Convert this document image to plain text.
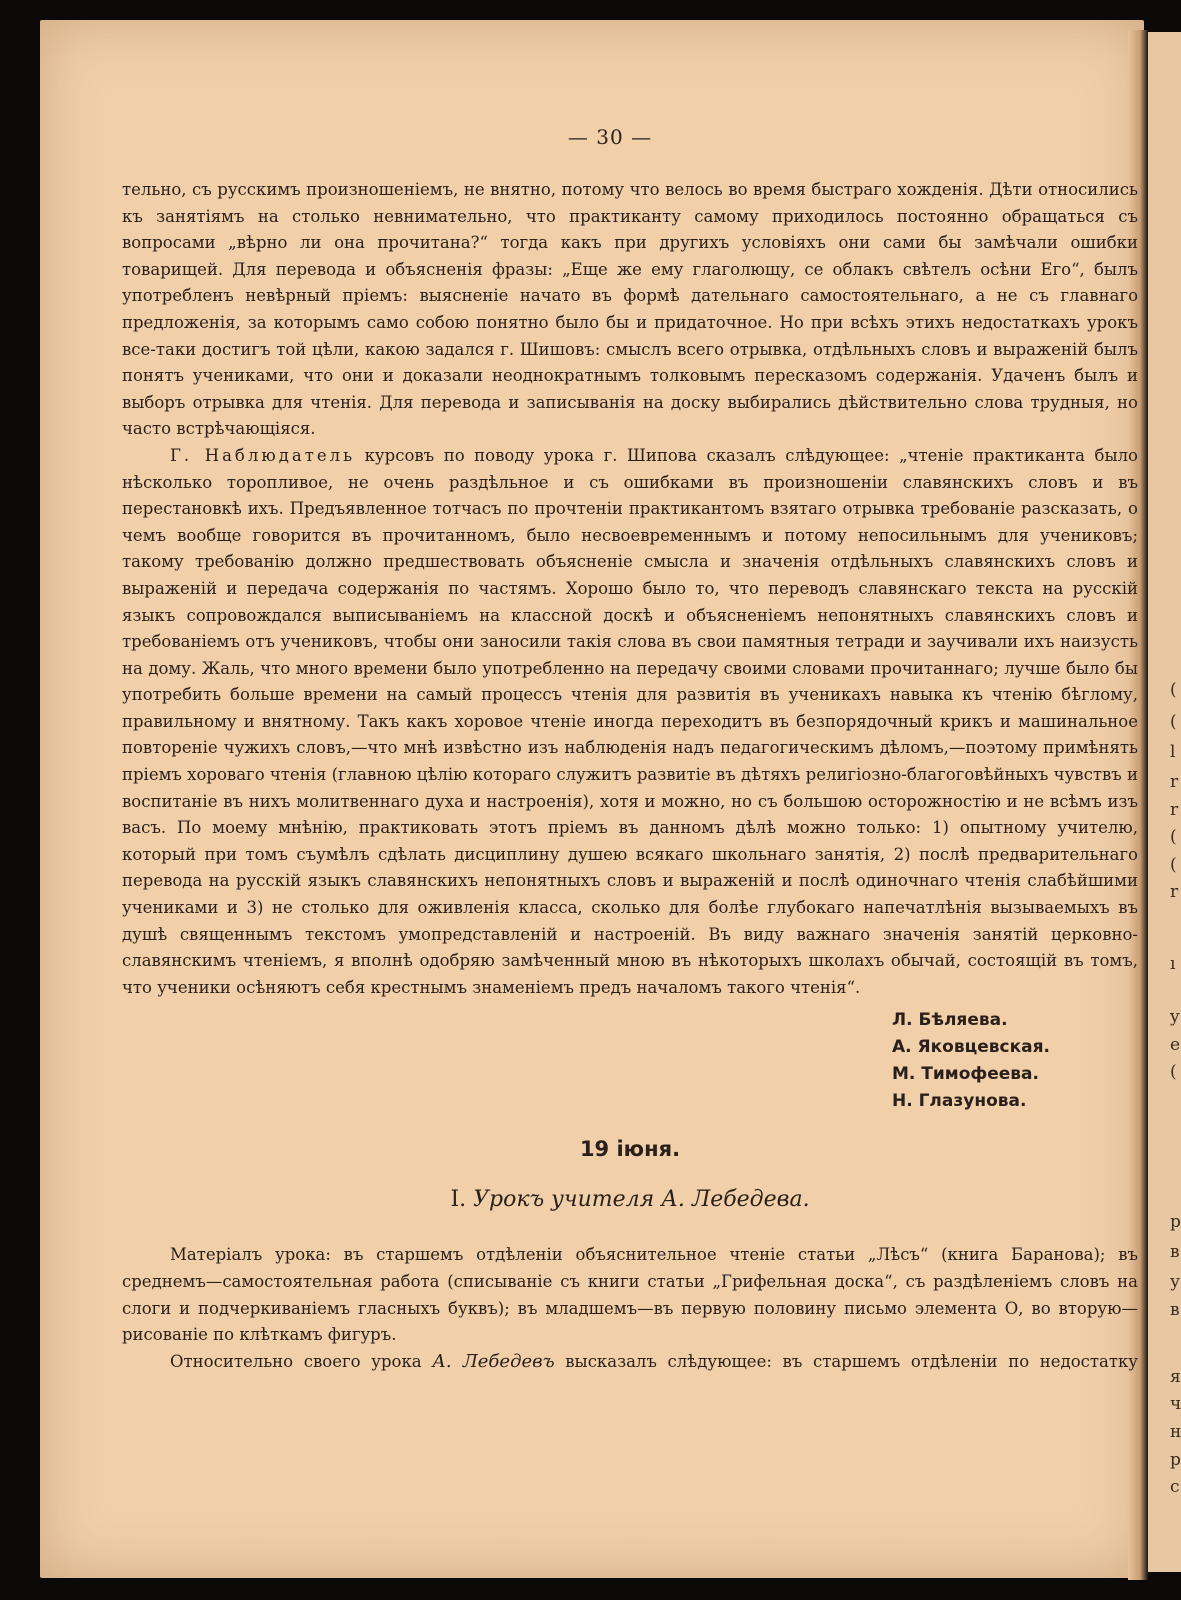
(
(
l
r
r
(
(
r
ı
y
e
(
p
в
у
в
я
ч
н
р
с
— 30 —

тельно, съ русскимъ произношеніемъ, не внятно, потому что велось во время быстраго хожденія. Дѣти относились къ занятіямъ на столько невнимательно, что практиканту самому приходилось постоянно обращаться съ вопросами „вѣрно ли она прочитана?“ тогда какъ при другихъ условіяхъ они сами бы замѣчали ошибки товарищей. Для перевода и объясненія фразы: „Еще же ему глаголющу, се облакъ свѣтелъ осѣни Его“, былъ употребленъ невѣрный пріемъ: выясненіе начато въ формѣ дательнаго самостоятельнаго, а не съ главнаго предложенія, за которымъ само собою понятно было бы и придаточное. Но при всѣхъ этихъ недостаткахъ урокъ все-таки достигъ той цѣли, какою задался г. Шишовъ: смыслъ всего отрывка, отдѣльныхъ словъ и выраженій былъ понятъ учениками, что они и доказали неоднократнымъ толковымъ пересказомъ содержанія. Удаченъ былъ и выборъ отрывка для чтенія. Для перевода и записыванія на доску выбирались дѣйствительно слова трудныя, но часто встрѣчающіяся.

Г. Наблюдатель курсовъ по поводу урока г. Шипова сказалъ слѣдующее: „чтеніе практиканта было нѣсколько торопливое, не очень раздѣльное и съ ошибками въ произношеніи славянскихъ словъ и въ перестановкѣ ихъ. Предъявленное тотчасъ по прочтеніи практикантомъ взятаго отрывка требованіе разсказать, о чемъ вообще говорится въ прочитанномъ, было несвоевременнымъ и потому непосильнымъ для учениковъ; такому требованію должно предшествовать объясненіе смысла и значенія отдѣльныхъ славянскихъ словъ и выраженій и передача содержанія по частямъ. Хорошо было то, что переводъ славянскаго текста на русскій языкъ сопровождался выписываніемъ на классной доскѣ и объясненіемъ непонятныхъ славянскихъ словъ и требованіемъ отъ учениковъ, чтобы они заносили такія слова въ свои памятныя тетради и заучивали ихъ наизусть на дому. Жаль, что много времени было употребленно на передачу своими словами прочитаннаго; лучше было бы употребить больше времени на самый процессъ чтенія для развитія въ ученикахъ навыка къ чтенію бѣглому, правильному и внятному. Такъ какъ хоровое чтеніе иногда переходитъ въ безпорядочный крикъ и машинальное повтореніе чужихъ словъ,—что мнѣ извѣстно изъ наблюденія надъ педагогическимъ дѣломъ,—поэтому примѣнять пріемъ хороваго чтенія (главною цѣлію котораго служитъ развитіе въ дѣтяхъ религіозно-благоговѣйныхъ чувствъ и воспитаніе въ нихъ молитвеннаго духа и настроенія), хотя и можно, но съ большою осторожностію и не всѣмъ изъ васъ. По моему мнѣнію, практиковать этотъ пріемъ въ данномъ дѣлѣ можно только: 1) опытному учителю, который при томъ съумѣлъ сдѣлать дисциплину душею всякаго школьнаго занятія, 2) послѣ предварительнаго перевода на русскій языкъ славянскихъ непонятныхъ словъ и выраженій и послѣ одиночнаго чтенія слабѣйшими учениками и 3) не столько для оживленія класса, сколько для болѣе глубокаго напечатлѣнія вызываемыхъ въ душѣ священнымъ текстомъ умопредставленій и настроеній. Въ виду важнаго значенія занятій церковно-славянскимъ чтеніемъ, я вполнѣ одобряю замѣченный мною въ нѣкоторыхъ школахъ обычай, состоящій въ томъ, что ученики осѣняютъ себя крестнымъ знаменіемъ предъ началомъ такого чтенія“.

Л. Бѣляева.
А. Яковцевская.
М. Тимофеева.
Н. Глазунова.
19 іюня.
I. Урокъ учителя А. Лебедева.

Матеріалъ урока: въ старшемъ отдѣленіи объяснительное чтеніе статьи „Лѣсъ“ (книга Баранова); въ среднемъ—самостоятельная работа (списываніе съ книги статьи „Грифельная доска“, съ раздѣленіемъ словъ на слоги и подчеркиваніемъ гласныхъ буквъ); въ младшемъ—въ первую половину письмо элемента О, во вторую—рисованіе по клѣткамъ фигуръ.

Относительно своего урока А. Лебедевъ высказалъ слѣдующее: въ старшемъ отдѣленіи по недостатку
